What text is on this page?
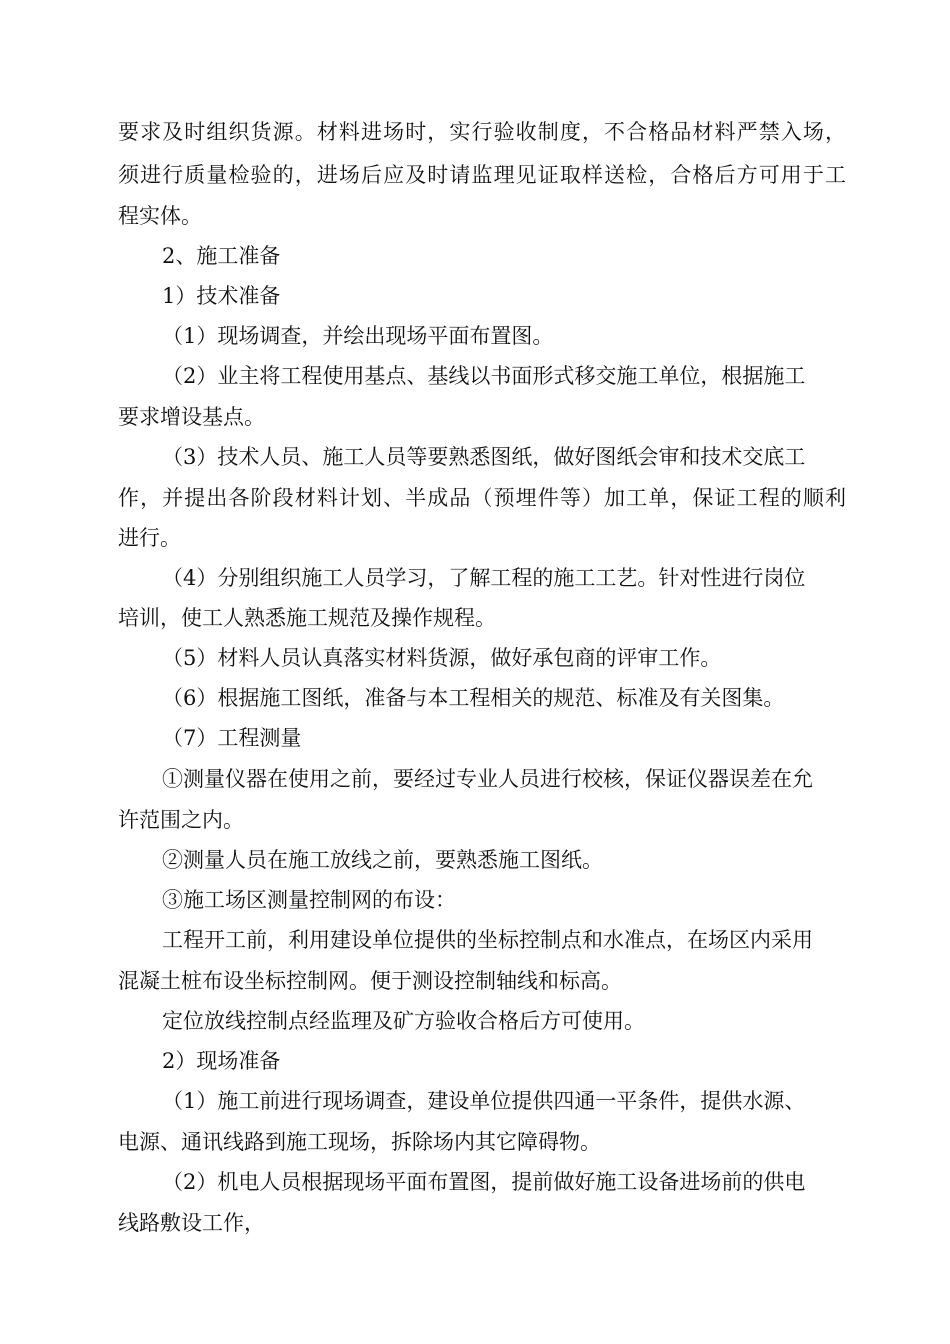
要求及时组织货源。材料进场时，实行验收制度，不合格品材料严禁入场，
须进行质量检验的，进场后应及时请监理见证取样送检，合格后方可用于工
程实体。
2、施工准备
1）技术准备
（1）现场调查，并绘出现场平面布置图。
（2）业主将工程使用基点、基线以书面形式移交施工单位，根据施工
要求增设基点。
（3）技术人员、施工人员等要熟悉图纸，做好图纸会审和技术交底工
作，并提出各阶段材料计划、半成品（预埋件等）加工单，保证工程的顺利
进行。
（4）分别组织施工人员学习，了解工程的施工工艺。针对性进行岗位
培训，使工人熟悉施工规范及操作规程。
（5）材料人员认真落实材料货源，做好承包商的评审工作。
（6）根据施工图纸，准备与本工程相关的规范、标准及有关图集。
（7）工程测量
①测量仪器在使用之前，要经过专业人员进行校核，保证仪器误差在允
许范围之内。
②测量人员在施工放线之前，要熟悉施工图纸。
③施工场区测量控制网的布设：
工程开工前，利用建设单位提供的坐标控制点和水准点，在场区内采用
混凝土桩布设坐标控制网。便于测设控制轴线和标高。
定位放线控制点经监理及矿方验收合格后方可使用。
2）现场准备
（1）施工前进行现场调查，建设单位提供四通一平条件，提供水源、
电源、通讯线路到施工现场，拆除场内其它障碍物。
（2）机电人员根据现场平面布置图，提前做好施工设备进场前的供电
线路敷设工作，
